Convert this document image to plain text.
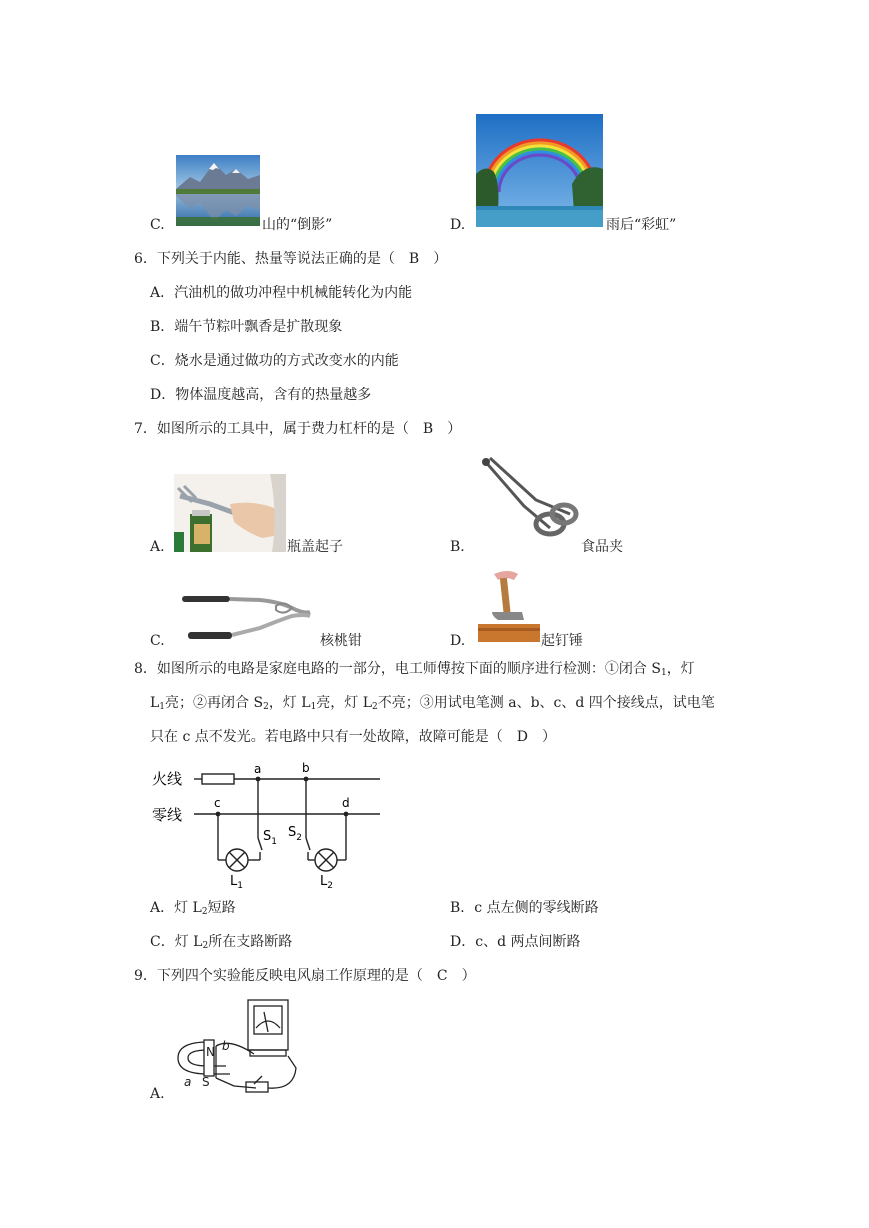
C.	山的“倒影”	D.	雨后“彩虹”
6．下列关于内能、热量等说法正确的是（　B　）
A．汽油机的做功冲程中机械能转化为内能
B．端午节粽叶飘香是扩散现象
C．烧水是通过做功的方式改变水的内能
D．物体温度越高，含有的热量越多
7．如图所示的工具中，属于费力杠杆的是（　B　）
A.	瓶盖起子	B.	食品夹
C.	核桃钳	D.	起钉锤
8．如图所示的电路是家庭电路的一部分，电工师傅按下面的顺序进行检测：①闭合 $S_1$，灯
$L_1$亮；②再闭合 $S_2$，灯 $L_1$亮，灯 $L_2$不亮；③用试电笔测 a、b、c、d 四个接线点，试电笔
只在 c 点不发光。若电路中只有一处故障，故障可能是（　D　）
火线
零线
a	b
c	d
$S_1$
$S_2$
$L_1$	$L_2$
A．灯 $L_2$短路	B．c 点左侧的零线断路
C．灯 $L_2$所在支路断路	D．c、d 两点间断路
9．下列四个实验能反映电风扇工作原理的是（　C　）
A.
N b
a S
